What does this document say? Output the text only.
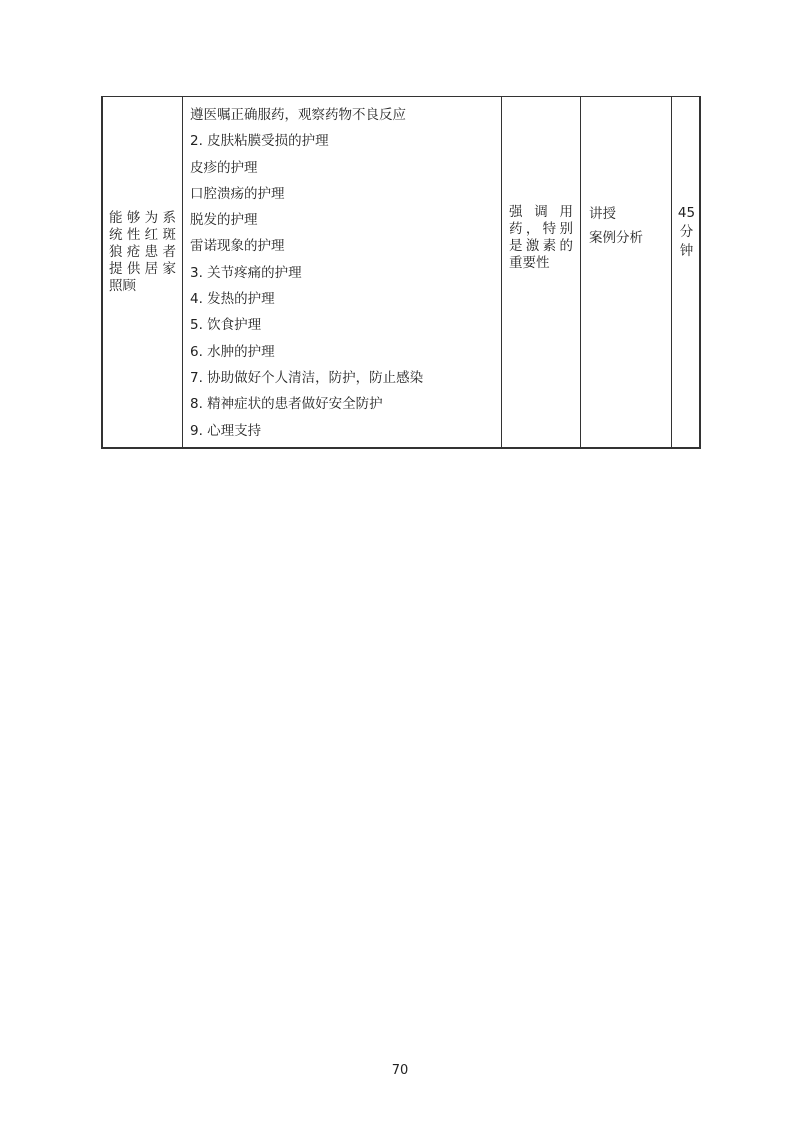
能够为系
统性红斑
狼疮患者
提供居家
照顾
遵医嘱正确服药，观察药物不良反应
2. 皮肤粘膜受损的护理
皮疹的护理
口腔溃疡的护理
脱发的护理
雷诺现象的护理
3. 关节疼痛的护理
4. 发热的护理
5. 饮食护理
6. 水肿的护理
7. 协助做好个人清洁，防护，防止感染
8. 精神症状的患者做好安全防护
9. 心理支持
强调用
药，特别
是激素的
重要性
讲授
案例分析
45
分
钟
70
